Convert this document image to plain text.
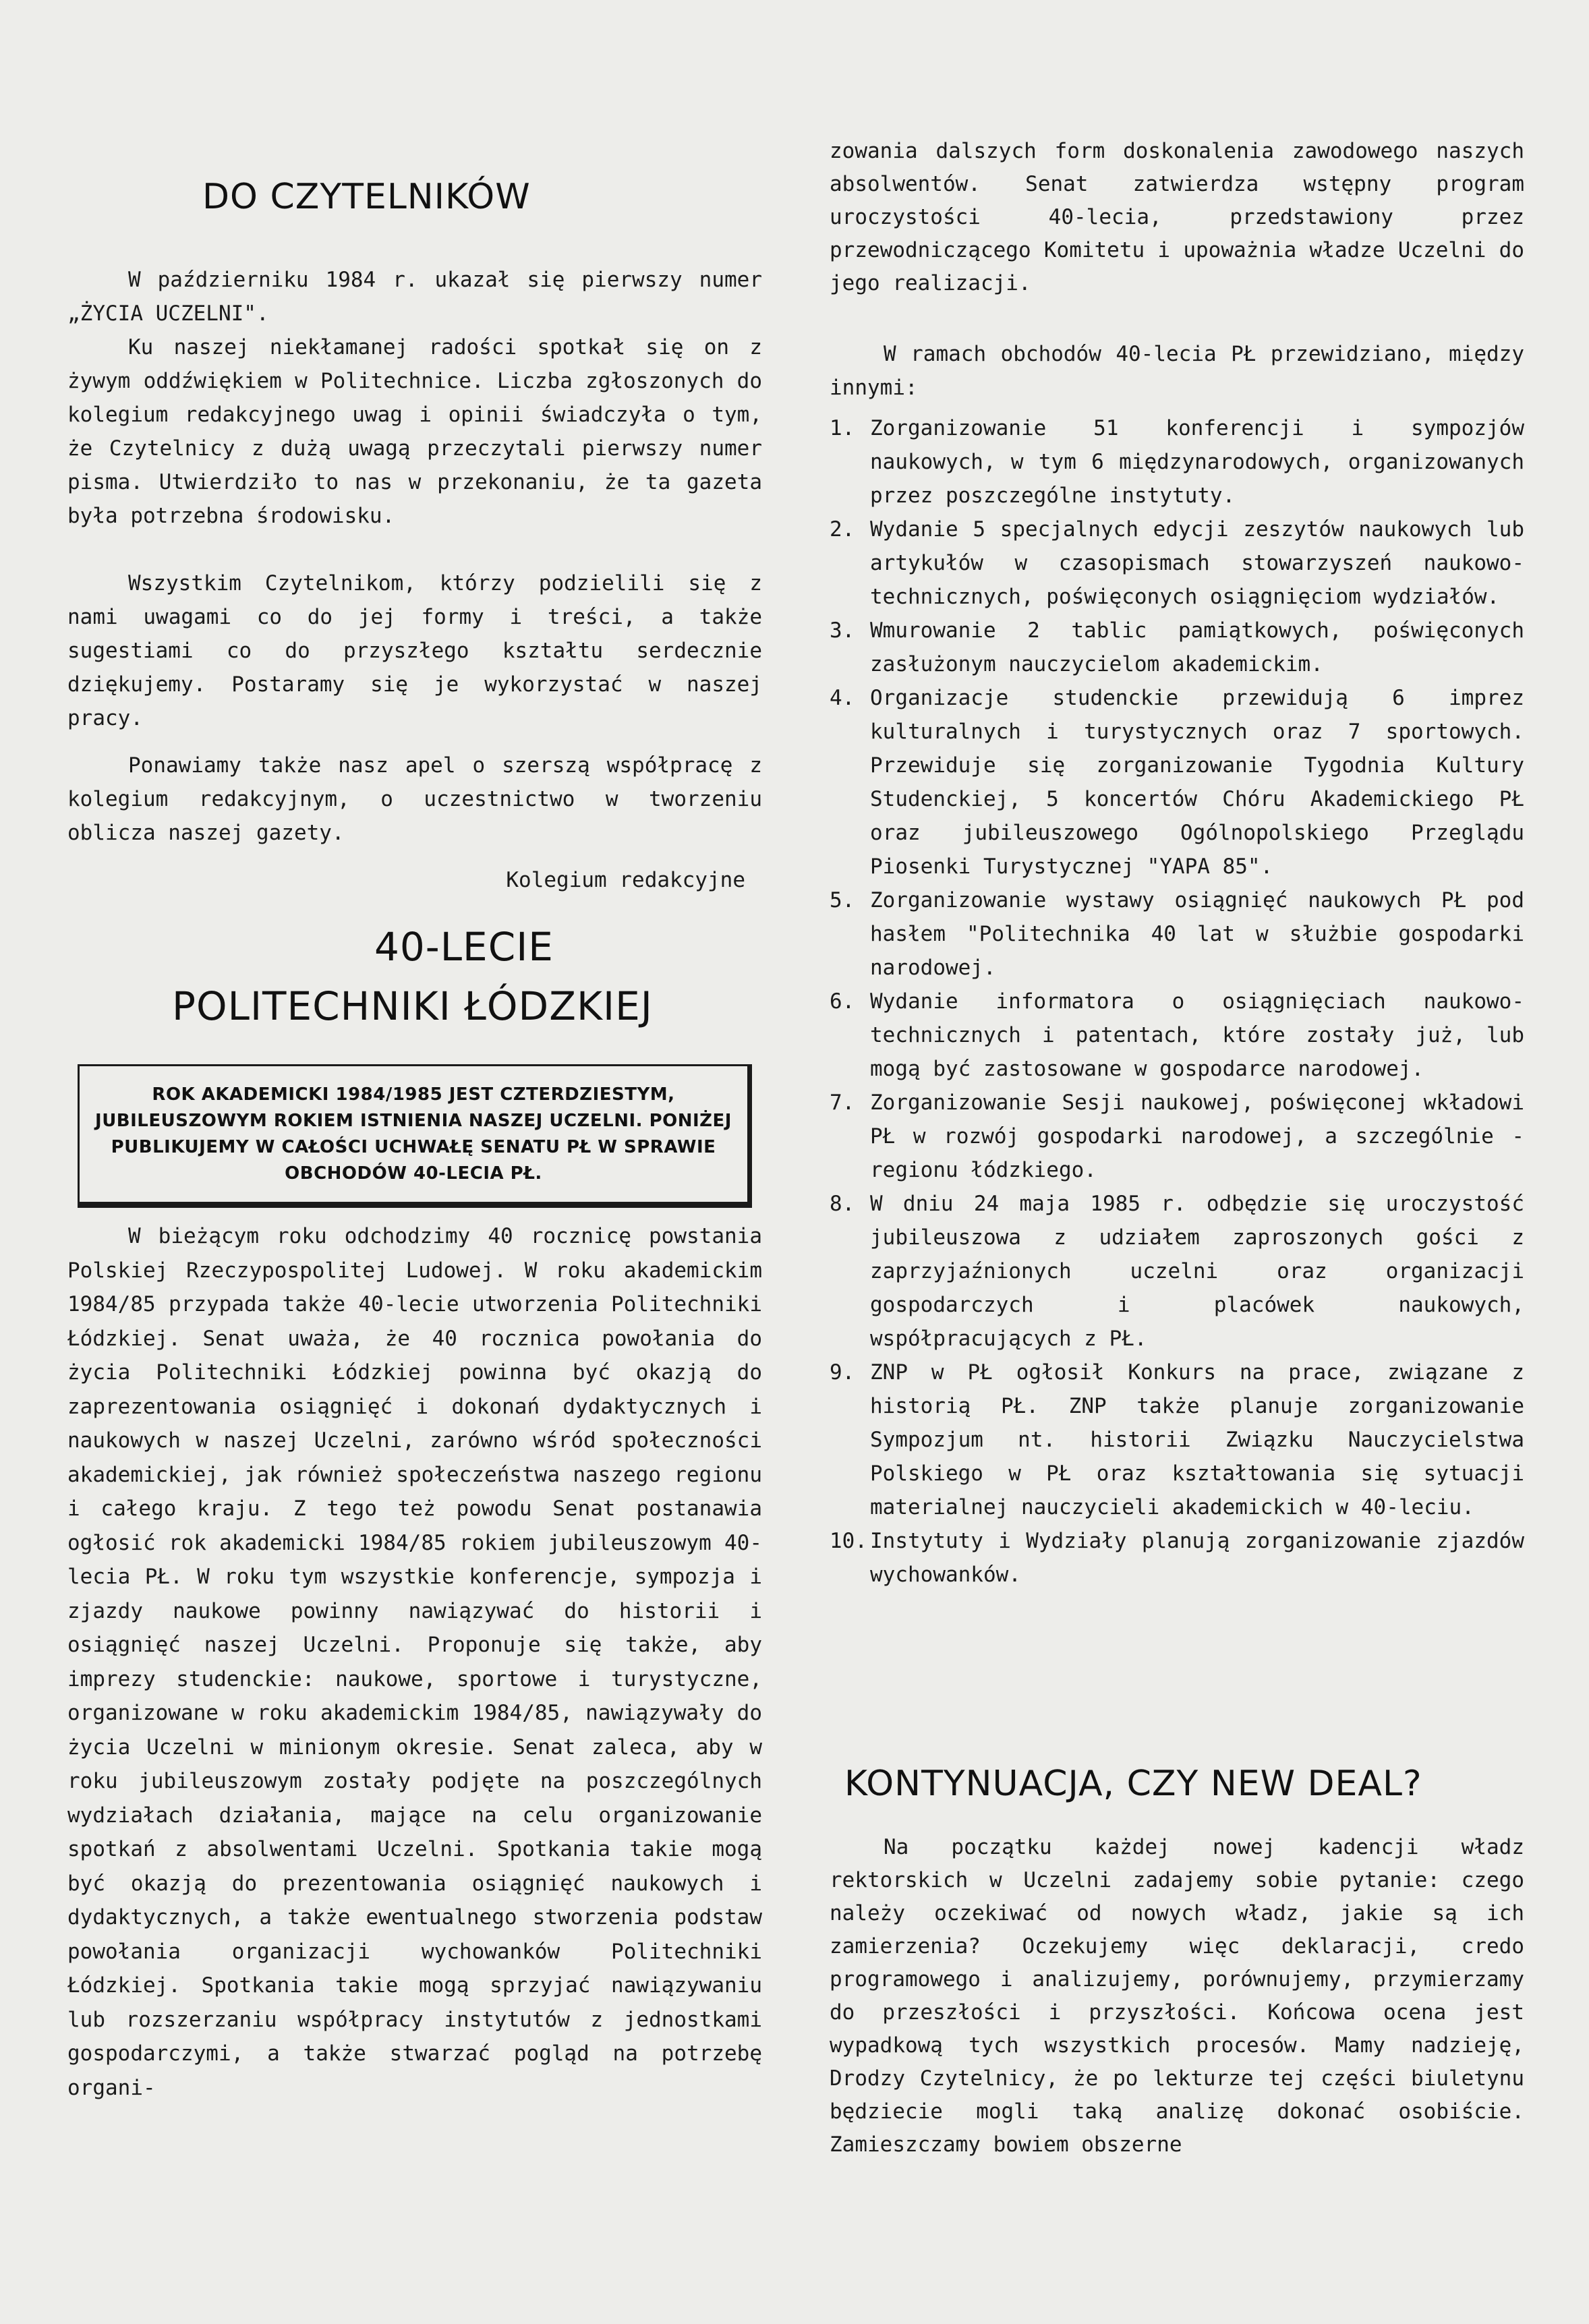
DO CZYTELNIKÓW

W październiku 1984 r. ukazał się pierwszy numer „ŻYCIA UCZELNI".

Ku naszej niekłamanej radości spotkał się on z żywym oddźwiękiem w Politechnice. Liczba zgłoszonych do kolegium redakcyjnego uwag i opinii świadczyła o tym, że Czytelnicy z dużą uwagą przeczytali pierwszy numer pisma. Utwierdziło to nas w przekonaniu, że ta gazeta była potrzebna środowisku.

Wszystkim Czytelnikom, którzy podzielili się z nami uwagami co do jej formy i treści, a także sugestiami co do przyszłego kształtu serdecznie dziękujemy. Postaramy się je wykorzystać w naszej pracy.

Ponawiamy także nasz apel o szerszą współpracę z kolegium redakcyjnym, o uczestnictwo w tworzeniu oblicza naszej gazety.

Kolegium redakcyjne

40-LECIE
POLITECHNIKI ŁÓDZKIEJ
ROK AKADEMICKI 1984/1985 JEST CZTERDZIESTYM, JUBILEUSZOWYM ROKIEM ISTNIENIA NASZEJ UCZELNI. PONIŻEJ PUBLIKUJEMY W CAŁOŚCI UCHWAŁĘ SENATU PŁ W SPRAWIE OBCHODÓW 40-LECIA PŁ.

W bieżącym roku odchodzimy 40 rocznicę powstania Polskiej Rzeczypospolitej Ludowej. W roku akademickim 1984/85 przypada także 40-lecie utworzenia Politechniki Łódzkiej. Senat uważa, że 40 rocznica powołania do życia Politechniki Łódzkiej powinna być okazją do zaprezentowania osiągnięć i dokonań dydaktycznych i naukowych w naszej Uczelni, zarówno wśród społeczności akademickiej, jak również społeczeństwa naszego regionu i całego kraju. Z tego też powodu Senat postanawia ogłosić rok akademicki 1984/85 rokiem jubileuszowym 40-lecia PŁ. W roku tym wszystkie konferencje, sympozja i zjazdy naukowe powinny nawiązywać do historii i osiągnięć naszej Uczelni. Proponuje się także, aby imprezy studenckie: naukowe, sportowe i turystyczne, organizowane w roku akademickim 1984/85, nawiązywały do życia Uczelni w minionym okresie. Senat zaleca, aby w roku jubileuszowym zostały podjęte na poszczególnych wydziałach działania, mające na celu organizowanie spotkań z absolwentami Uczelni. Spotkania takie mogą być okazją do prezentowania osiągnięć naukowych i dydaktycznych, a także ewentualnego stworzenia podstaw powołania organizacji wychowanków Politechniki Łódzkiej. Spotkania takie mogą sprzyjać nawiązywaniu lub rozszerzaniu współpracy instytutów z jednostkami gospodarczymi, a także stwarzać pogląd na potrzebę organi-

zowania dalszych form doskonalenia zawodowego naszych absolwentów. Senat zatwierdza wstępny program uroczystości 40-lecia, przedstawiony przez przewodniczącego Komitetu i upoważnia władze Uczelni do jego realizacji.

W ramach obchodów 40-lecia PŁ przewidziano, między innymi:

1. Zorganizowanie 51 konferencji i sympozjów naukowych, w tym 6 międzynarodowych, organizowanych przez poszczególne instytuty.
2. Wydanie 5 specjalnych edycji zeszytów naukowych lub artykułów w czasopismach stowarzyszeń naukowo-technicznych, poświęconych osiągnięciom wydziałów.
3. Wmurowanie 2 tablic pamiątkowych, poświęconych zasłużonym nauczycielom akademickim.
4. Organizacje studenckie przewidują 6 imprez kulturalnych i turystycznych oraz 7 sportowych. Przewiduje się zorganizowanie Tygodnia Kultury Studenckiej, 5 koncertów Chóru Akademickiego PŁ oraz jubileuszowego Ogólnopolskiego Przeglądu Piosenki Turystycznej "YAPA 85".
5. Zorganizowanie wystawy osiągnięć naukowych PŁ pod hasłem "Politechnika 40 lat w służbie gospodarki narodowej.
6. Wydanie informatora o osiągnięciach naukowo-technicznych i patentach, które zostały już, lub mogą być zastosowane w gospodarce narodowej.
7. Zorganizowanie Sesji naukowej, poświęconej wkładowi PŁ w rozwój gospodarki narodowej, a szczególnie - regionu łódzkiego.
8. W dniu 24 maja 1985 r. odbędzie się uroczystość jubileuszowa z udziałem zaproszonych gości z zaprzyjaźnionych uczelni oraz organizacji gospodarczych i placówek naukowych, współpracujących z PŁ.
9. ZNP w PŁ ogłosił Konkurs na prace, związane z historią PŁ. ZNP także planuje zorganizowanie Sympozjum nt. historii Związku Nauczycielstwa Polskiego w PŁ oraz kształtowania się sytuacji materialnej nauczycieli akademickich w 40-leciu.
10. Instytuty i Wydziały planują zorganizowanie zjazdów wychowanków.
KONTYNUACJA, CZY NEW DEAL?

Na początku każdej nowej kadencji władz rektorskich w Uczelni zadajemy sobie pytanie: czego należy oczekiwać od nowych władz, jakie są ich zamierzenia? Oczekujemy więc deklaracji, credo programowego i analizujemy, porównujemy, przymierzamy do przeszłości i przyszłości. Końcowa ocena jest wypadkową tych wszystkich procesów. Mamy nadzieję, Drodzy Czytelnicy, że po lekturze tej części biuletynu będziecie mogli taką analizę dokonać osobiście. Zamieszczamy bowiem obszerne
